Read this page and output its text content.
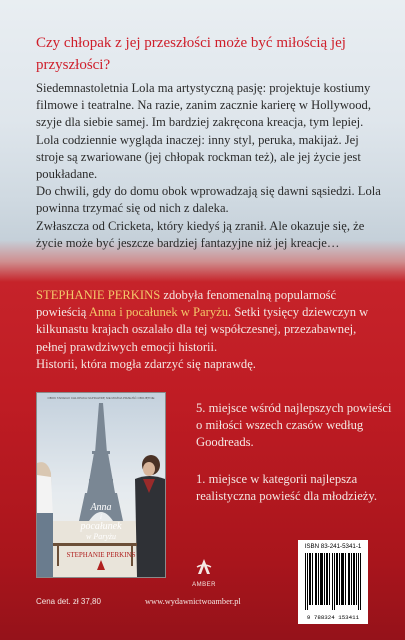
Czy chłopak z jej przeszłości może być miłością jej przyszłości?

Siedemnastoletnia Lola ma artystyczną pasję: projektuje kostiumy filmowe i teatralne. Na razie, zanim zacznie karierę w Hollywood, szyje dla siebie samej. Im bardziej zakręcona kreacja, tym lepiej. Lola codziennie wygląda inaczej: inny styl, peruka, makijaż. Jej stroje są zwariowane (jej chłopak rockman też), ale jej życie jest poukładane.

Do chwili, gdy do domu obok wprowadzają się dawni sąsiedzi. Lola powinna trzymać się od nich z daleka.

Zwłaszcza od Cricketa, który kiedyś ją zranił. Ale okazuje się, że życie może być jeszcze bardziej fantazyjne niż jej kreacje…

STEPHANIE PERKINS zdobyła fenomenalną popularność powieścią Anna i pocałunek w Paryżu. Setki tysięcy dziewczyn w kilkunastu krajach oszalało dla tej współczesnej, przezabawnej, pełnej prawdziwych emocji historii.

Historii, która mogła zdarzyć się naprawdę.

OBOK TAKIEGO CHŁOPAKA NAPRAWDĘ NIE MOŻNA PRZEJŚĆ OBOJĘTNIE
Anna
i
pocałunek
w Paryżu
STEPHANIE PERKINS

5. miejsce wśród najlepszych powieści o miłości wszech czasów według Goodreads.

1. miejsce w kategorii najlepsza realistyczna powieść dla młodzieży.

AMBER
ISBN 83-241-5341-1
9 788324 153411
Cena det. zł 37,80	www.wydawnictwoamber.pl
